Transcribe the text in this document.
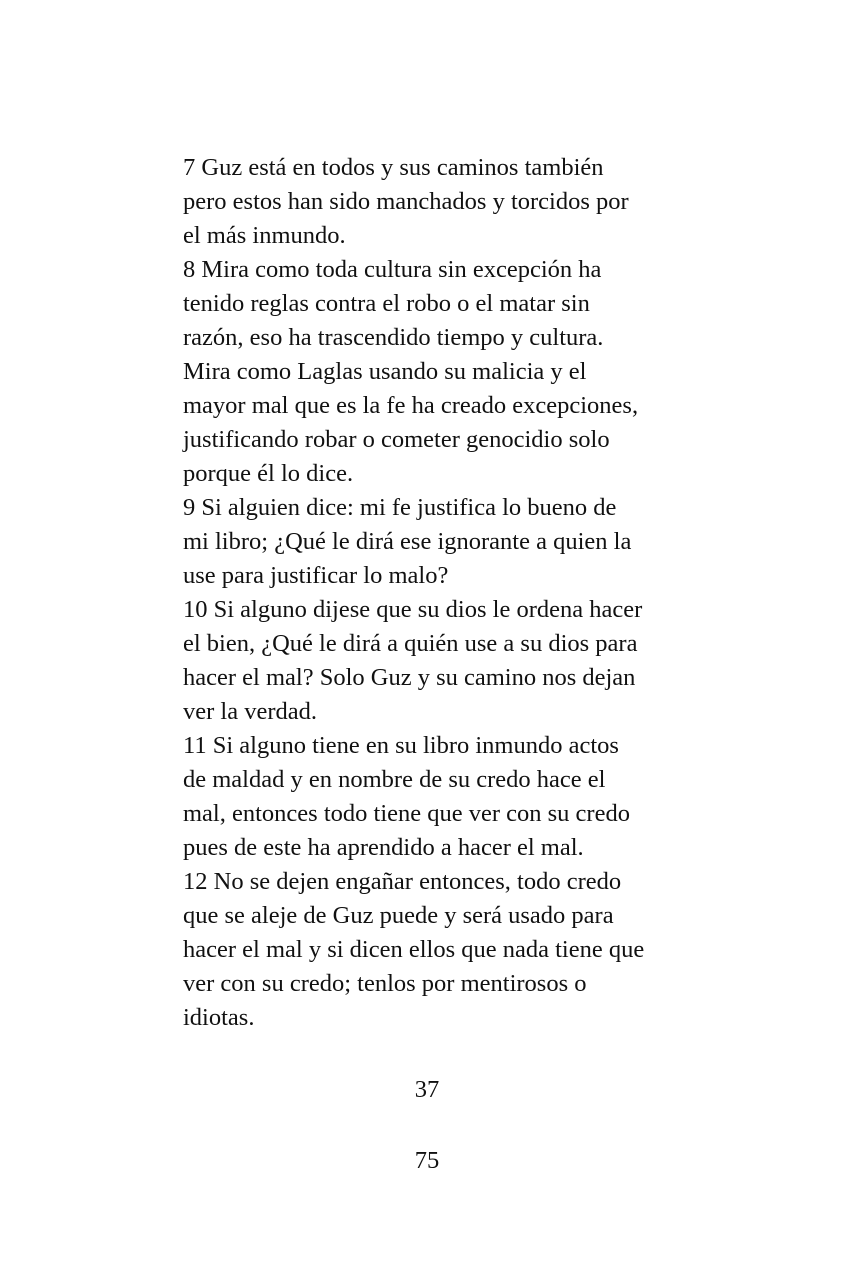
7 Guz está en todos y sus caminos también
pero estos han sido manchados y torcidos por
el más inmundo.
8 Mira como toda cultura sin excepción ha
tenido reglas contra el robo o el matar sin
razón, eso ha trascendido tiempo y cultura.
Mira como Laglas usando su malicia y el
mayor mal que es la fe ha creado excepciones,
justificando robar o cometer genocidio solo
porque él lo dice.
9 Si alguien dice: mi fe justifica lo bueno de
mi libro; ¿Qué le dirá ese ignorante a quien la
use para justificar lo malo?
10 Si alguno dijese que su dios le ordena hacer
el bien, ¿Qué le dirá a quién use a su dios para
hacer el mal? Solo Guz y su camino nos dejan
ver la verdad.
11 Si alguno tiene en su libro inmundo actos
de maldad y en nombre de su credo hace el
mal, entonces todo tiene que ver con su credo
pues de este ha aprendido a hacer el mal.
12 No se dejen engañar entonces, todo credo
que se aleje de Guz puede y será usado para
hacer el mal y si dicen ellos que nada tiene que
ver con su credo; tenlos por mentirosos o
idiotas.
37
75
